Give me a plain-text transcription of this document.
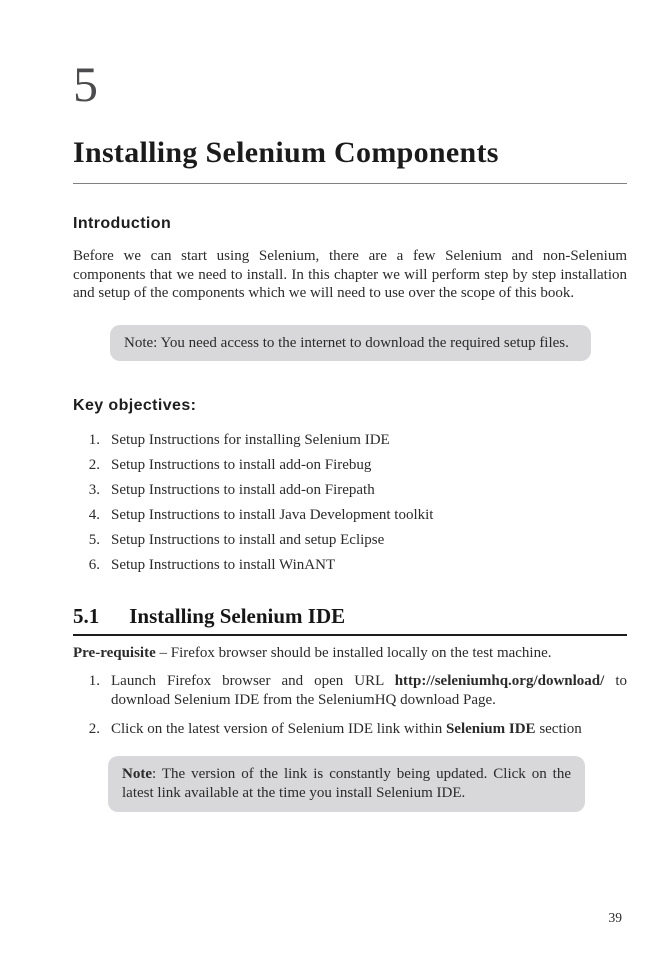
5
Installing Selenium Components
Introduction
Before we can start using Selenium, there are a few Selenium and non-Selenium components that we need to install. In this chapter we will perform step by step installation and setup of the components which we will need to use over the scope of this book.
Note: You need access to the internet to download the required setup files.
Key objectives:
1. Setup Instructions for installing Selenium IDE
2. Setup Instructions to install add-on Firebug
3. Setup Instructions to install add-on Firepath
4. Setup Instructions to install Java Development toolkit
5. Setup Instructions to install and setup Eclipse
6. Setup Instructions to install WinANT
5.1 Installing Selenium IDE
Pre-requisite – Firefox browser should be installed locally on the test machine.
1. Launch Firefox browser and open URL http://seleniumhq.org/download/ to download Selenium IDE from the SeleniumHQ download Page.
2. Click on the latest version of Selenium IDE link within Selenium IDE section
Note: The version of the link is constantly being updated. Click on the latest link available at the time you install Selenium IDE.
39
